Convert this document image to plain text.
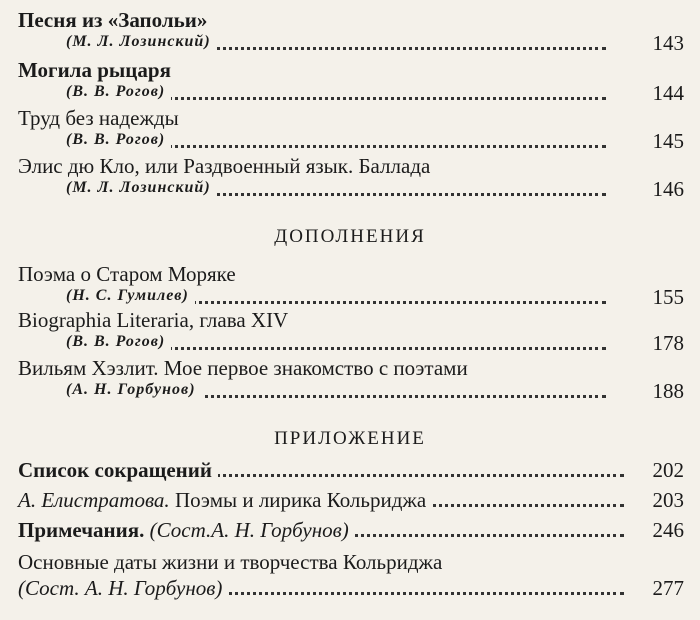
Песня из «Запольи»
(М. Л. Лозинский)	143
Могила рыцаря
(В. В. Рогов)	144
Труд без надежды
(В. В. Рогов)	145
Элис дю Кло, или Раздвоенный язык. Баллада
(М. Л. Лозинский)	146
ДОПОЛНЕНИЯ
Поэма о Старом Моряке
(Н. С. Гумилев)	155
Biographia Literaria, глава XIV
(В. В. Рогов)	178
Вильям Хэзлит. Мое первое знакомство с поэтами
(А. Н. Горбунов)	188
ПРИЛОЖЕНИЕ
Список сокращений	202
А. Елистратова. Поэмы и лирика Кольриджа	203
Примечания. (Сост.А. Н. Горбунов)	246
Основные даты жизни и творчества Кольриджа
(Сост. А. Н. Горбунов)	277
